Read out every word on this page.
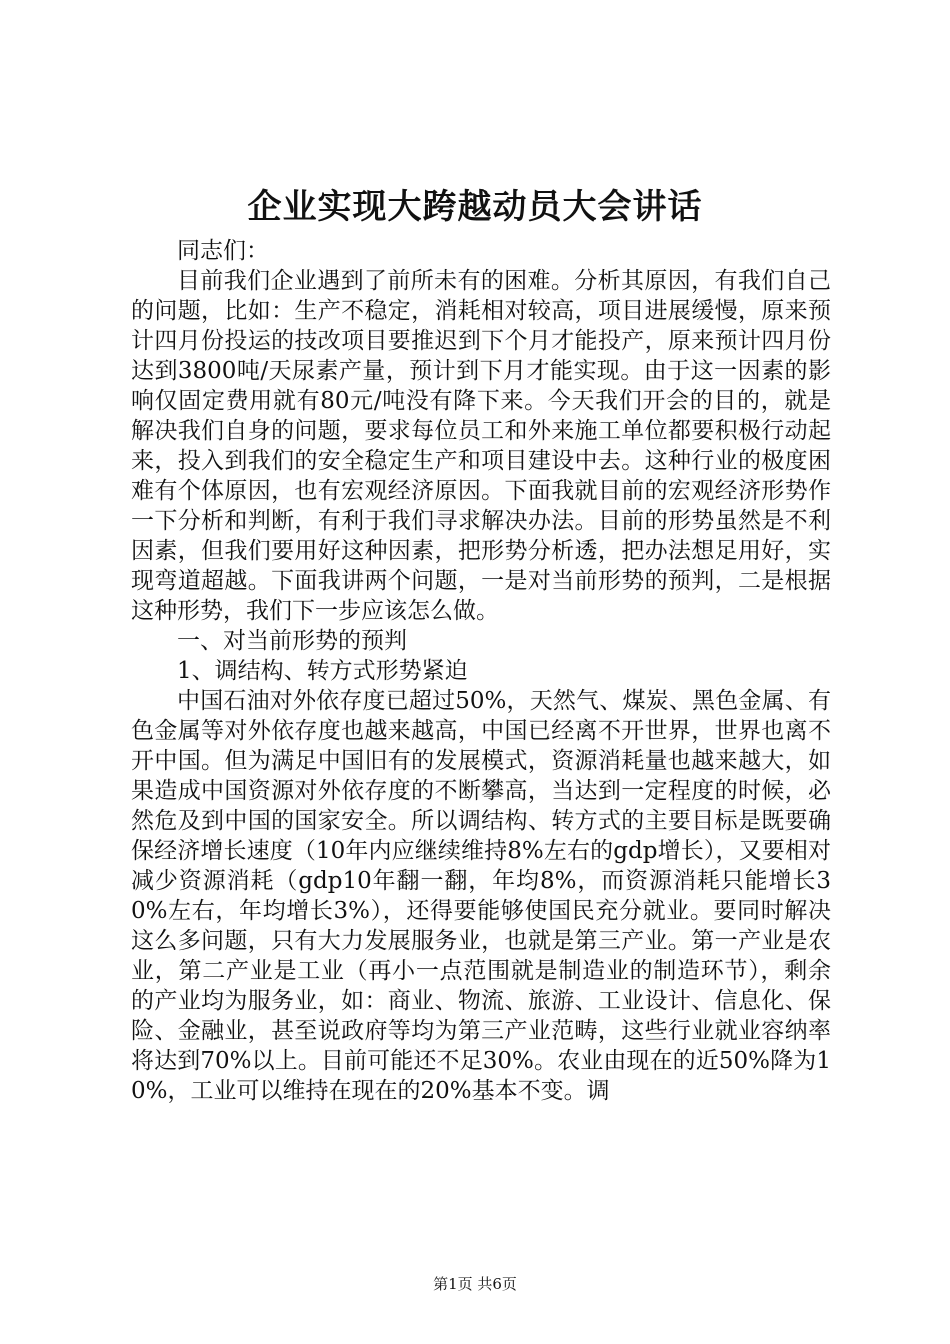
企业实现大跨越动员大会讲话

同志们：

目前我们企业遇到了前所未有的困难。分析其原因，有我们自己的问题，比如：生产不稳定，消耗相对较高，项目进展缓慢，原来预计四月份投运的技改项目要推迟到下个月才能投产，原来预计四月份达到3800吨/天尿素产量，预计到下月才能实现。由于这一因素的影响仅固定费用就有80元/吨没有降下来。今天我们开会的目的，就是解决我们自身的问题，要求每位员工和外来施工单位都要积极行动起来，投入到我们的安全稳定生产和项目建设中去。这种行业的极度困难有个体原因，也有宏观经济原因。下面我就目前的宏观经济形势作一下分析和判断，有利于我们寻求解决办法。目前的形势虽然是不利因素，但我们要用好这种因素，把形势分析透，把办法想足用好，实现弯道超越。下面我讲两个问题，一是对当前形势的预判，二是根据这种形势，我们下一步应该怎么做。

一、对当前形势的预判

1、调结构、转方式形势紧迫

中国石油对外依存度已超过50%，天然气、煤炭、黑色金属、有色金属等对外依存度也越来越高，中国已经离不开世界，世界也离不开中国。但为满足中国旧有的发展模式，资源消耗量也越来越大，如果造成中国资源对外依存度的不断攀高，当达到一定程度的时候，必然危及到中国的国家安全。所以调结构、转方式的主要目标是既要确保经济增长速度（10年内应继续维持8%左右的gdp增长），又要相对减少资源消耗（gdp10年翻一翻，年均8%，而资源消耗只能增长30%左右，年均增长3%），还得要能够使国民充分就业。要同时解决这么多问题，只有大力发展服务业，也就是第三产业。第一产业是农业，第二产业是工业（再小一点范围就是制造业的制造环节），剩余的产业均为服务业，如：商业、物流、旅游、工业设计、信息化、保险、金融业，甚至说政府等均为第三产业范畴，这些行业就业容纳率将达到70%以上。目前可能还不足30%。农业由现在的近50%降为10%，工业可以维持在现在的20%基本不变。调

第1页 共6页
